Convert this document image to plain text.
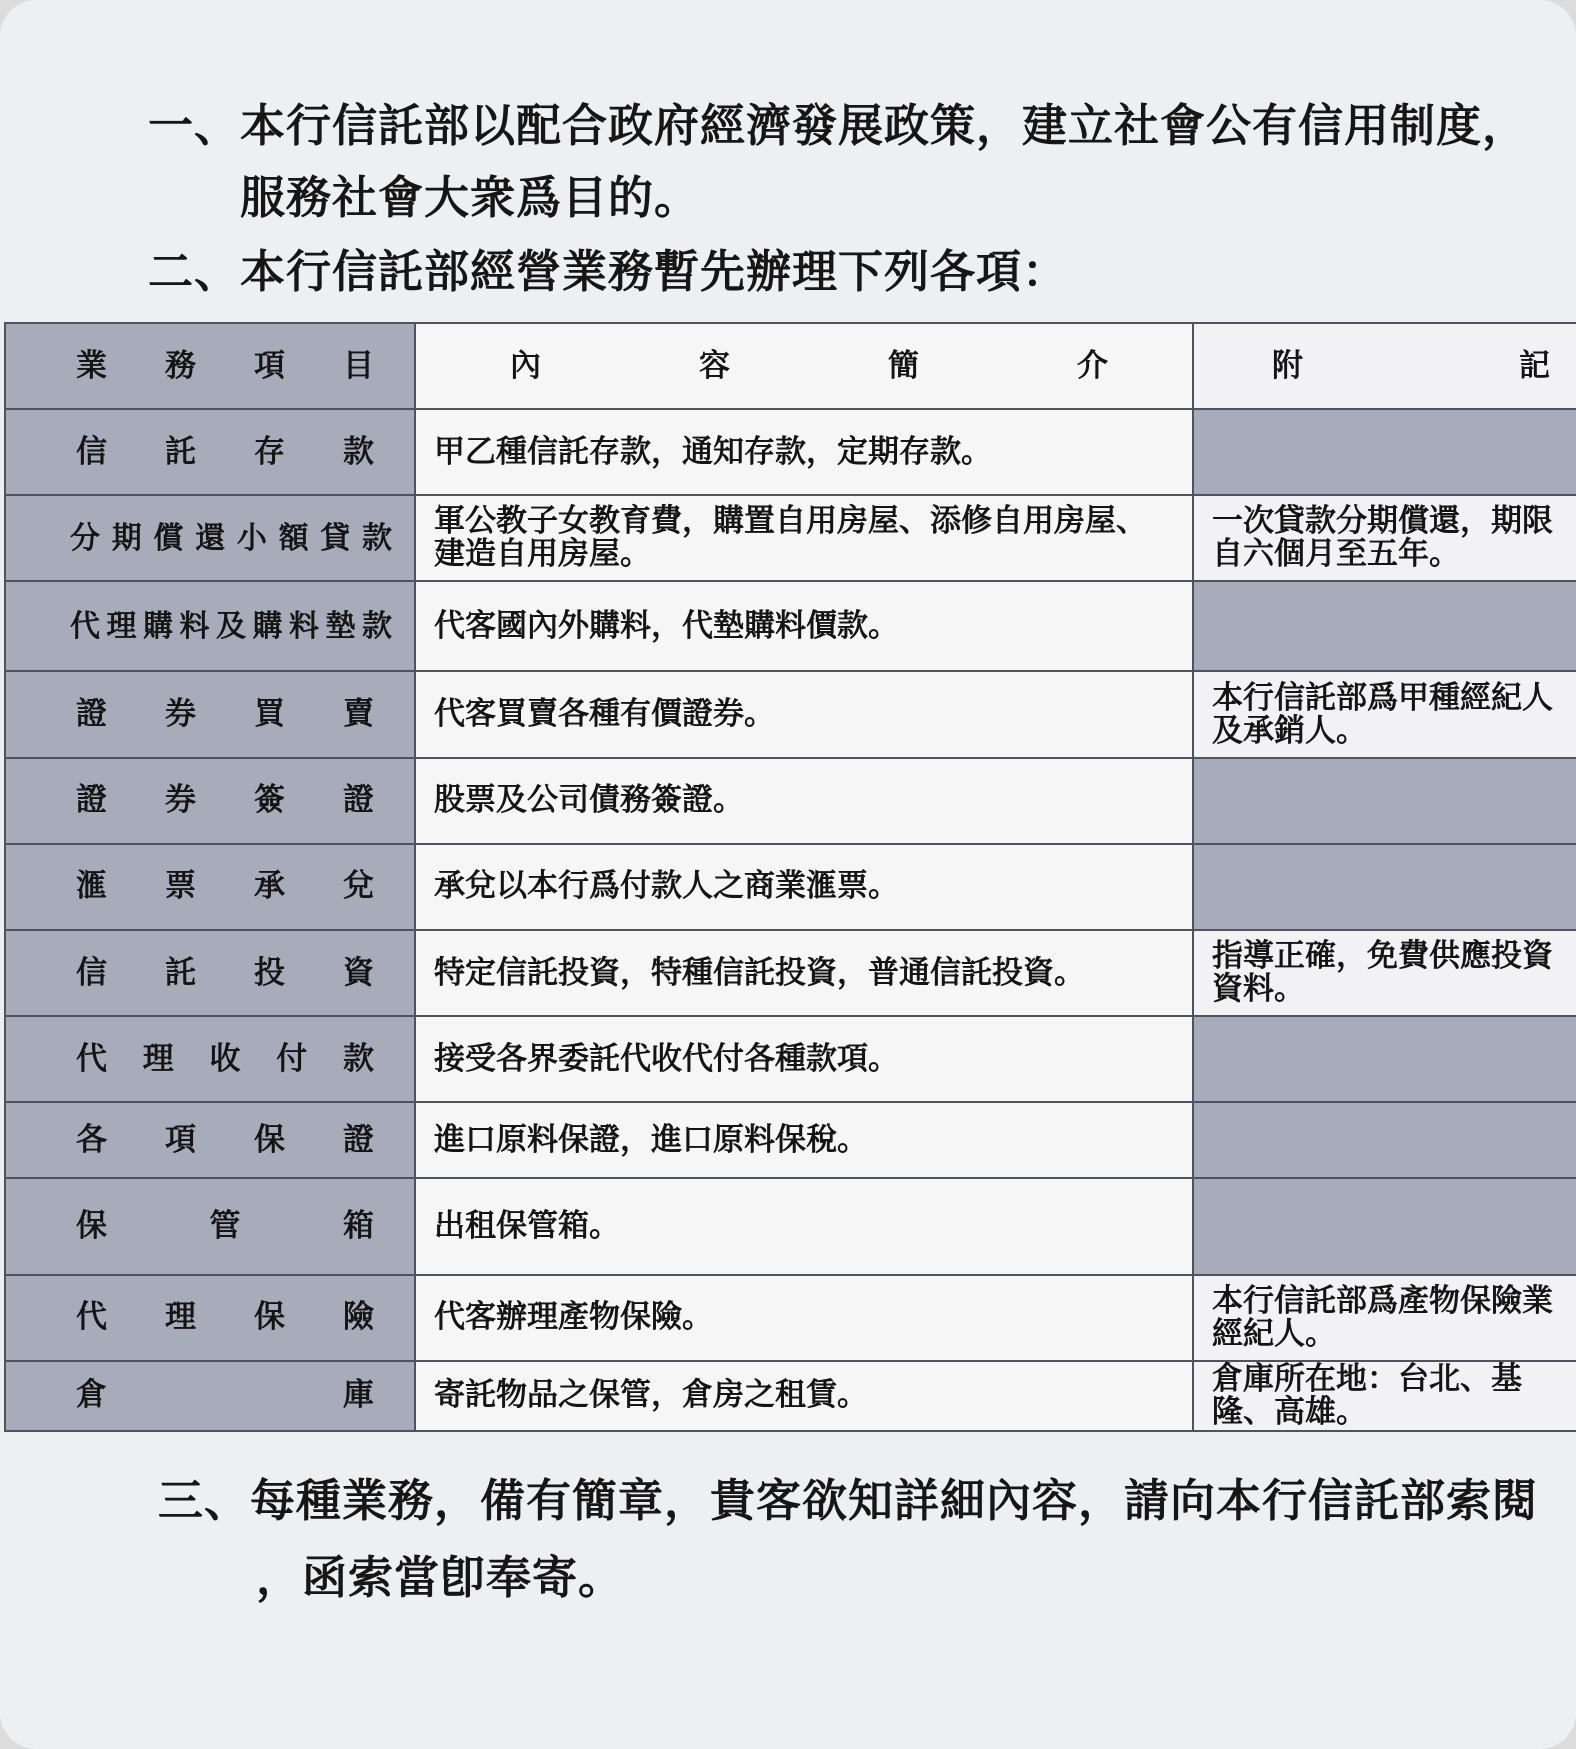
一、本行信託部以配合政府經濟發展政策，建立社會公有信用制度，
服務社會大衆爲目的。
二、本行信託部經營業務暫先辦理下列各項：
業務項目	內容簡介	附記

信託存款	甲乙種信託存款，通知存款，定期存款。	

分期償還小額貸款	軍公教子女教育費，購置自用房屋、添修自用房屋、建造自用房屋。	一次貸款分期償還，期限自六個月至五年。

代理購料及購料墊款	代客國內外購料，代墊購料價款。	

證券買賣	代客買賣各種有價證券。	本行信託部爲甲種經紀人及承銷人。

證券簽證	股票及公司債務簽證。	

滙票承兌	承兌以本行爲付款人之商業滙票。	

信託投資	特定信託投資，特種信託投資，普通信託投資。	指導正確，免費供應投資資料。

代理收付款	接受各界委託代收代付各種款項。	

各項保證	進口原料保證，進口原料保稅。	

保管箱	出租保管箱。	

代理保險	代客辦理產物保險。	本行信託部爲產物保險業經紀人。

倉庫	寄託物品之保管，倉房之租賃。	倉庫所在地：台北、基隆、高雄。
三、每種業務，備有簡章，貴客欲知詳細內容，請向本行信託部索閱
，函索當卽奉寄。
